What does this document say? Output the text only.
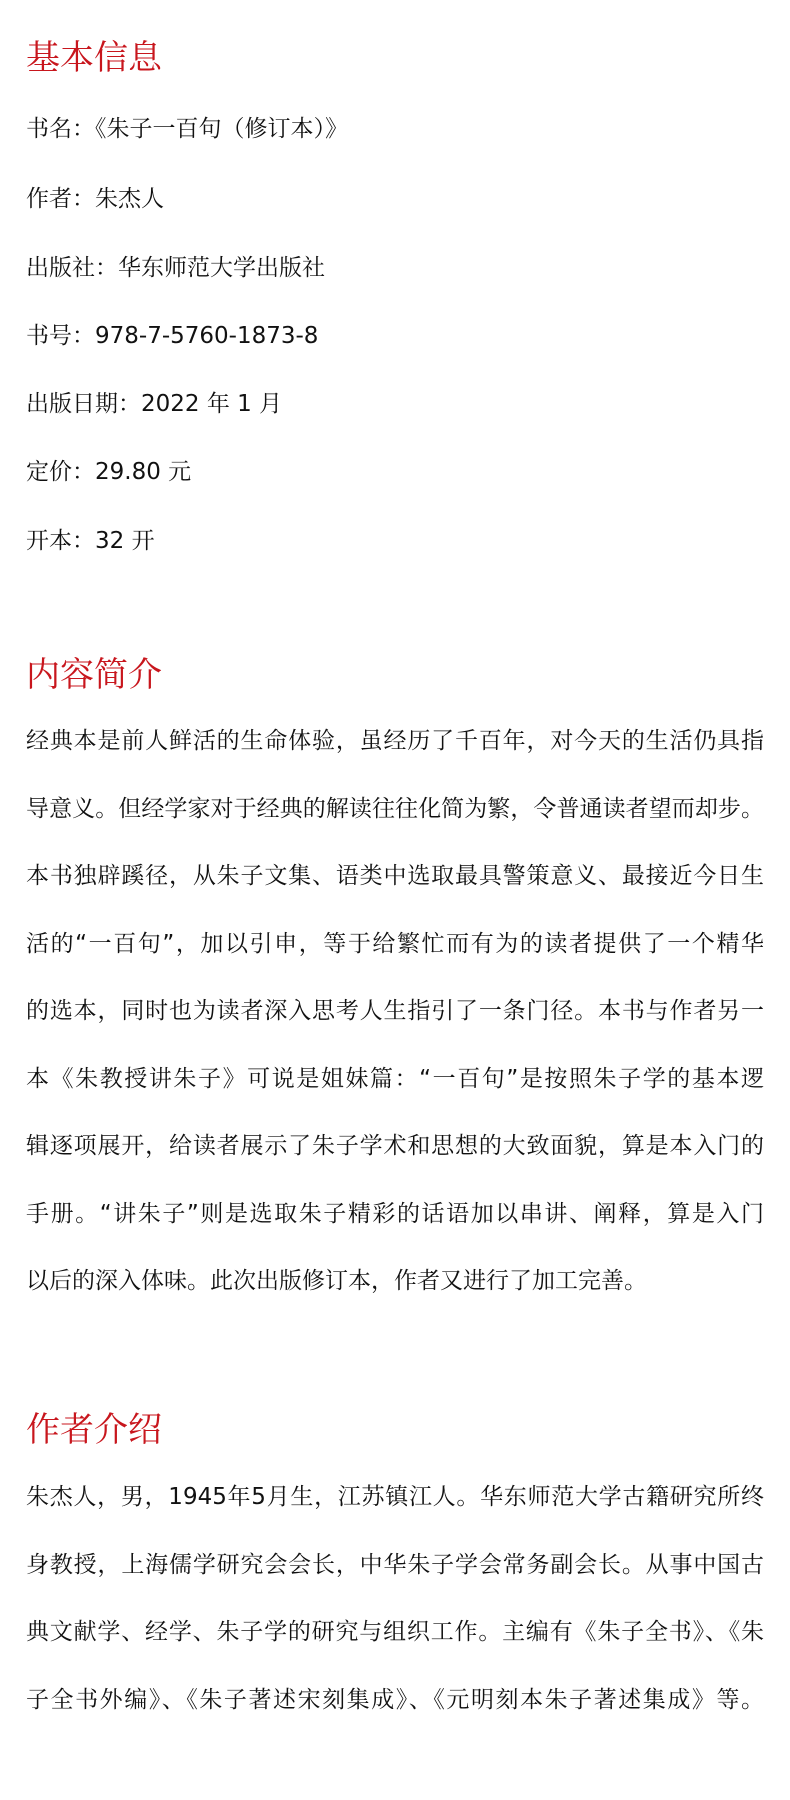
基本信息

书名：《朱子一百句（修订本）》

作者：朱杰人

出版社：华东师范大学出版社

书号：978-7-5760-1873-8

出版日期：2022 年 1 月

定价：29.80 元

开本：32 开

内容简介
经典本是前人鲜活的生命体验，虽经历了千百年，对今天的生活仍具指
导意义。但经学家对于经典的解读往往化简为繁，令普通读者望而却步。
本书独辟蹊径，从朱子文集、语类中选取最具警策意义、最接近今日生
活的“一百句”，加以引申，等于给繁忙而有为的读者提供了一个精华
的选本，同时也为读者深入思考人生指引了一条门径。本书与作者另一
本《朱教授讲朱子》可说是姐妹篇：“一百句”是按照朱子学的基本逻
辑逐项展开，给读者展示了朱子学术和思想的大致面貌，算是本入门的
手册。“讲朱子”则是选取朱子精彩的话语加以串讲、阐释，算是入门
以后的深入体味。此次出版修订本，作者又进行了加工完善。
作者介绍
朱杰人，男，1945年5月生，江苏镇江人。华东师范大学古籍研究所终
身教授，上海儒学研究会会长，中华朱子学会常务副会长。从事中国古
典文献学、经学、朱子学的研究与组织工作。主编有《朱子全书》、《朱
子全书外编》、《朱子著述宋刻集成》、《元明刻本朱子著述集成》等。
